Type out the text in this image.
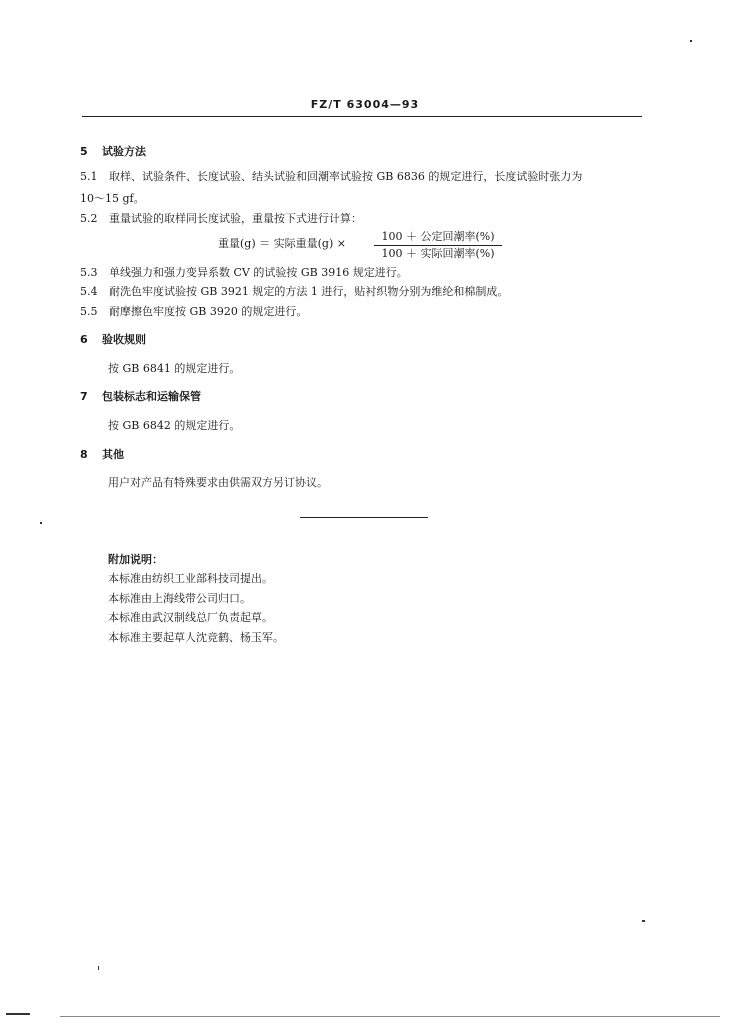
FZ/T 63004—93
5 试验方法
5.1 取样、试验条件、长度试验、结头试验和回潮率试验按 GB 6836 的规定进行，长度试验时张力为
10～15 gf。
5.2 重量试验的取样同长度试验，重量按下式进行计算：
重量(g) ＝ 实际重量(g) ×
100 ＋ 公定回潮率(%)
100 ＋ 实际回潮率(%)
5.3 单线强力和强力变异系数 CV 的试验按 GB 3916 规定进行。
5.4 耐洗色牢度试验按 GB 3921 规定的方法 1 进行，贴衬织物分别为维纶和棉制成。
5.5 耐摩擦色牢度按 GB 3920 的规定进行。
6 验收规则
按 GB 6841 的规定进行。
7 包装标志和运输保管
按 GB 6842 的规定进行。
8 其他
用户对产品有特殊要求由供需双方另订协议。
附加说明：
本标准由纺织工业部科技司提出。
本标准由上海线带公司归口。
本标准由武汉制线总厂负责起草。
本标准主要起草人沈竞鹤、杨玉军。
